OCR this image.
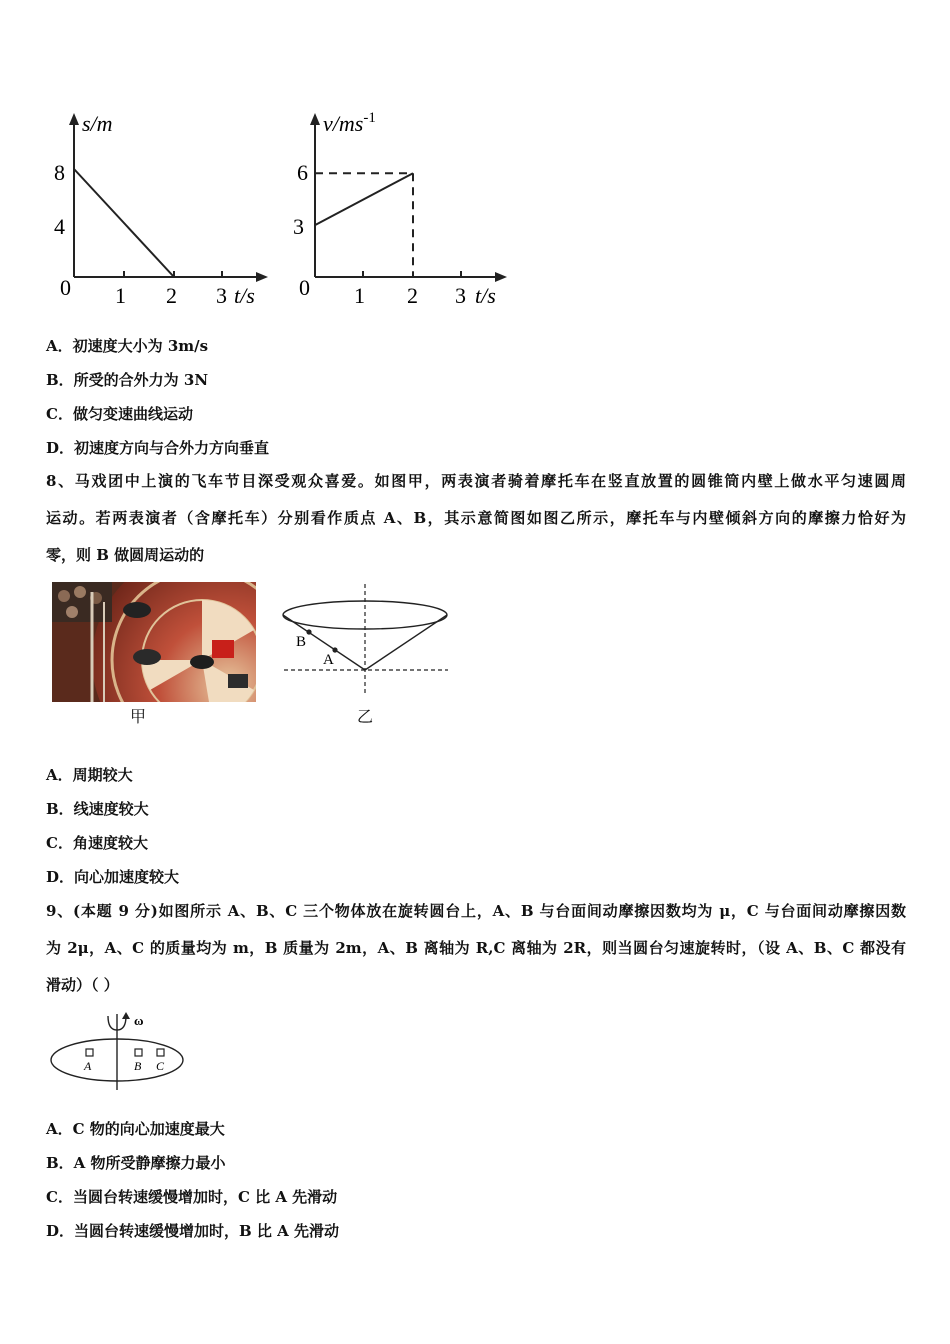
s/m
8
4
0 1 2 3 t/s
$v/ms^{-1}$
6
3
0 1 2 3 t/s
A．初速度大小为 3m/s
B．所受的合外力为 3N
C．做匀变速曲线运动
D．初速度方向与合外力方向垂直
8、马戏团中上演的飞车节目深受观众喜爱。如图甲，两表演者骑着摩托车在竖直放置的圆锥筒内壁上做水平匀速圆周
运动。若两表演者（含摩托车）分别看作质点 A、B，其示意简图如图乙所示，摩托车与内壁倾斜方向的摩擦力恰好为
零，则 B 做圆周运动的
甲
B
A
乙
A．周期较大
B．线速度较大
C．角速度较大
D．向心加速度较大
9、(本题 9 分)如图所示 A、B、C 三个物体放在旋转圆台上，A、B 与台面间动摩擦因数均为 μ，C 与台面间动摩擦因数
为 2μ，A、C 的质量均为 m，B 质量为 2m，A、B 离轴为 R,C 离轴为 2R，则当圆台匀速旋转时，（设 A、B、C 都没有
滑动）（ ）
ω
A	B C
A．C 物的向心加速度最大
B．A 物所受静摩擦力最小
C．当圆台转速缓慢增加时，C 比 A 先滑动
D．当圆台转速缓慢增加时，B 比 A 先滑动
